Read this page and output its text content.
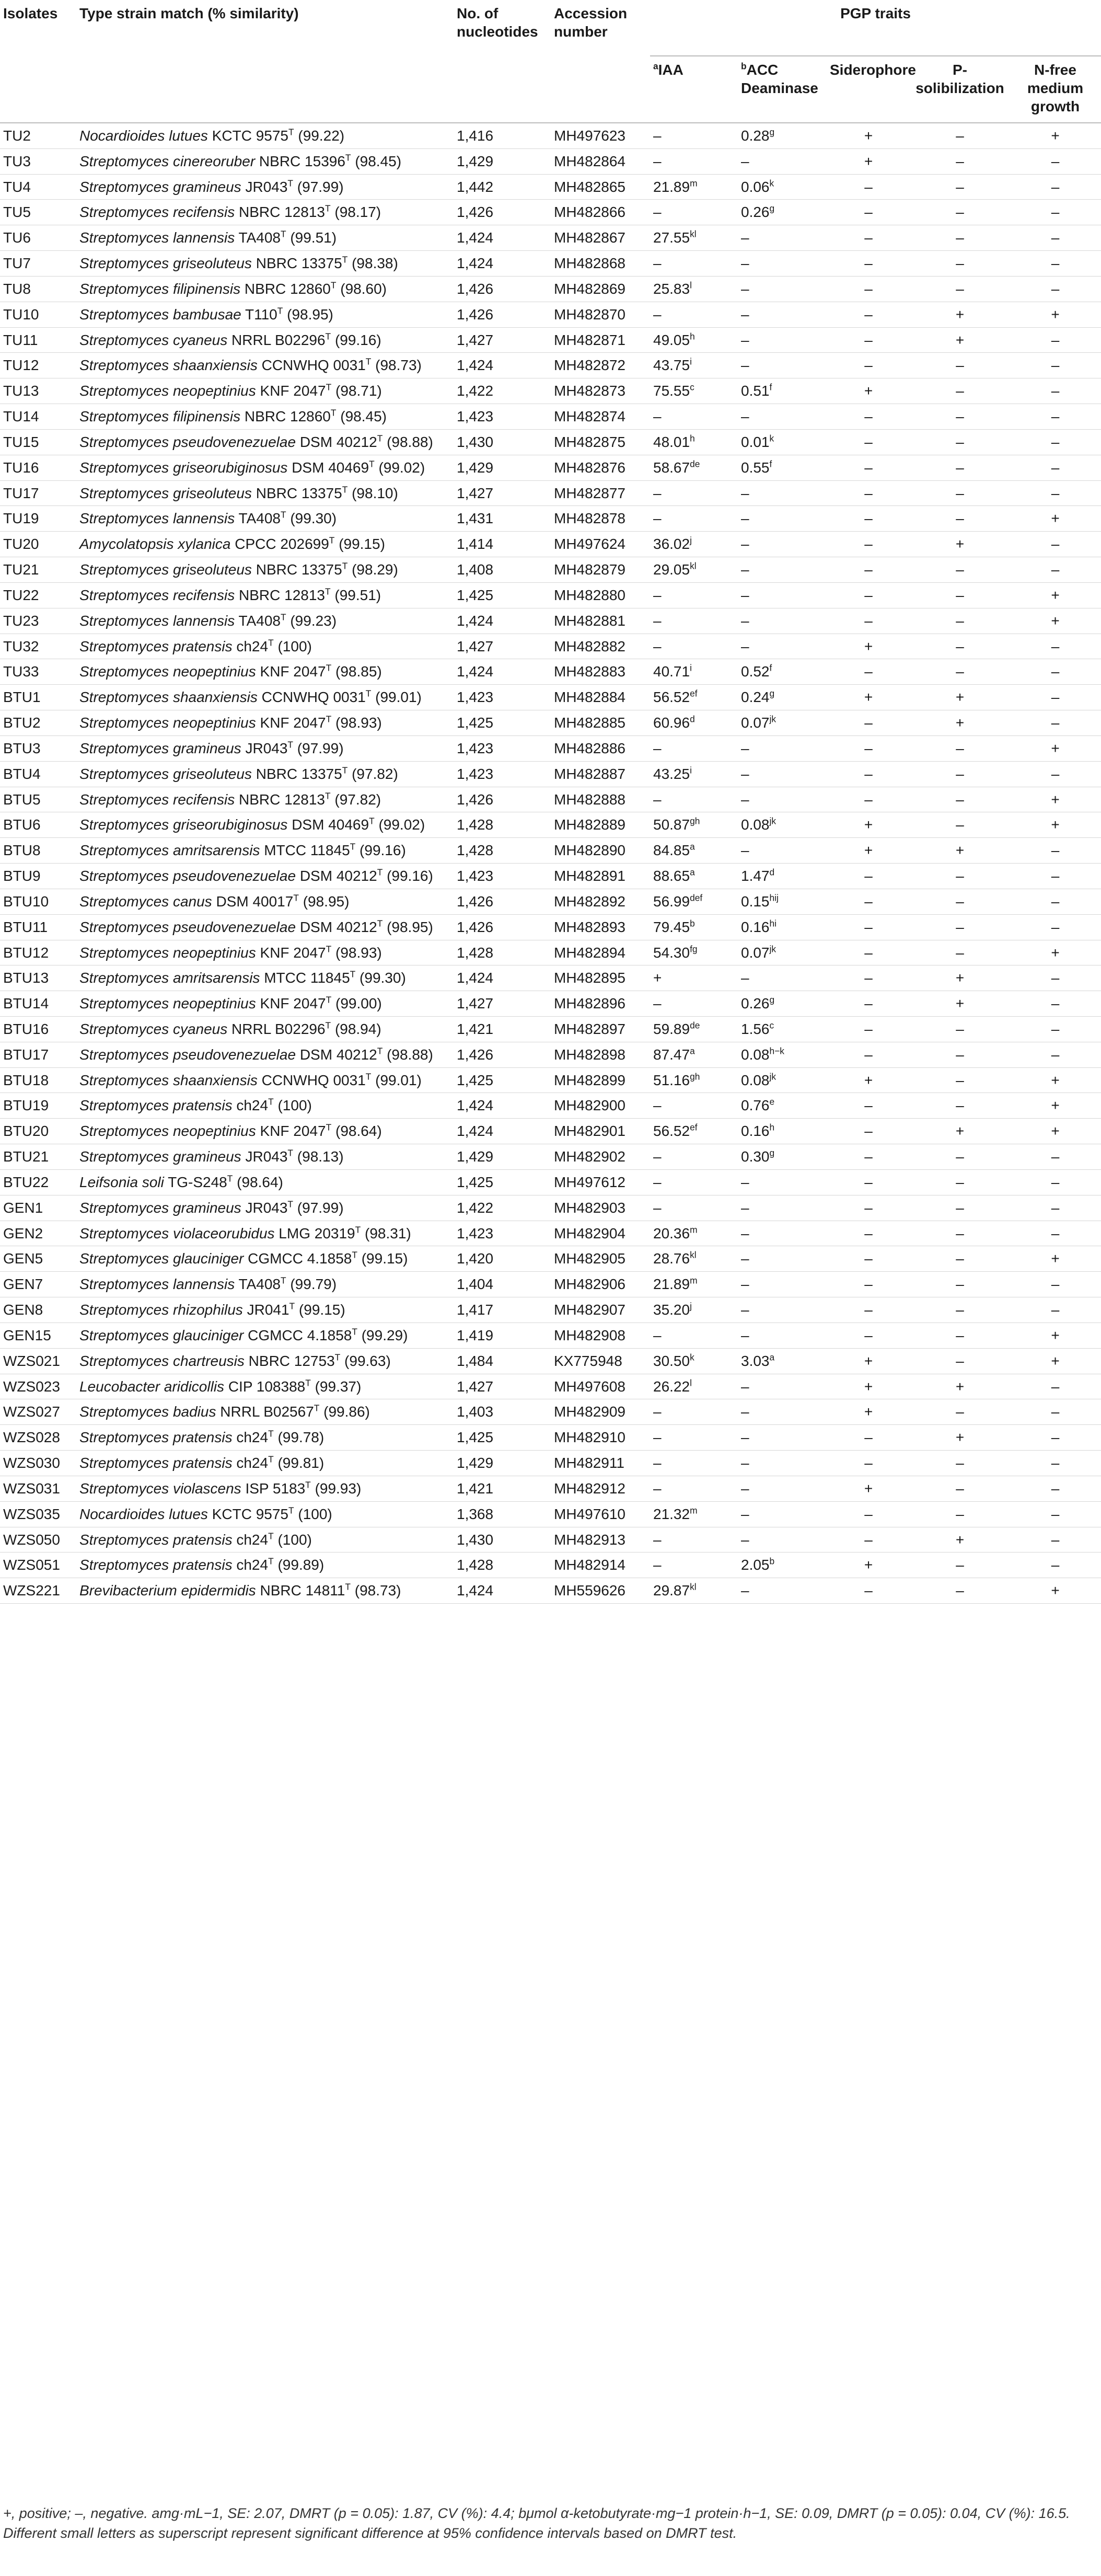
Isolates	Type strain match (% similarity)	No. of nucleotides	Accession number	PGP traits				
				$^a$IAA	$^b$ACC Deaminase	Siderophore	P-solibilization	N-free medium growth
TU2	Nocardioides lutues KCTC $9575^T$ (99.22)	1,416	MH497623	–	0.28$^g$	+	–	+
TU3	Streptomyces cinereoruber NBRC $15396^T$ (98.45)	1,429	MH482864	–	–	+	–	–
TU4	Streptomyces gramineus $JR043^T$ (97.99)	1,442	MH482865	21.89$^m$	0.06$^k$	–	–	–
TU5	Streptomyces recifensis NBRC $12813^T$ (98.17)	1,426	MH482866	–	0.26$^g$	–	–	–
TU6	Streptomyces lannensis $TA408^T$ (99.51)	1,424	MH482867	$27.55^{kl}$	–	–	–	–
TU7	Streptomyces griseoluteus NBRC $13375^T$ (98.38)	1,424	MH482868	–	–	–	–	–
TU8	Streptomyces filipinensis NBRC $12860^T$ (98.60)	1,426	MH482869	25.83$^l$	–	–	–	–
TU10	Streptomyces bambusae $T110^T$ (98.95)	1,426	MH482870	–	–	–	+	+
TU11	Streptomyces cyaneus NRRL $B02296^T$ (99.16)	1,427	MH482871	49.05$^h$	–	–	+	–
TU12	Streptomyces shaanxiensis CCNWHQ $0031^T$ (98.73)	1,424	MH482872	43.75$^i$	–	–	–	–
TU13	Streptomyces neopeptinius KNF $2047^T$ (98.71)	1,422	MH482873	75.55$^c$	0.51$^f$	+	–	–
TU14	Streptomyces filipinensis NBRC $12860^T$ (98.45)	1,423	MH482874	–	–	–	–	–
TU15	Streptomyces pseudovenezuelae DSM $40212^T$ (98.88)	1,430	MH482875	48.01$^h$	0.01$^k$	–	–	–
TU16	Streptomyces griseorubiginosus DSM $40469^T$ (99.02)	1,429	MH482876	58.67de	0.55$^f$	–	–	–
TU17	Streptomyces griseoluteus NBRC $13375^T$ (98.10)	1,427	MH482877	–	–	–	–	–
TU19	Streptomyces lannensis $TA408^T$ (99.30)	1,431	MH482878	–	–	–	–	+
TU20	Amycolatopsis xylanica CPCC $202699^T$ (99.15)	1,414	MH497624	36.02$^j$	–	–	+	–
TU21	Streptomyces griseoluteus NBRC $13375^T$ (98.29)	1,408	MH482879	$29.05^{kl}$	–	–	–	–
TU22	Streptomyces recifensis NBRC $12813^T$ (99.51)	1,425	MH482880	–	–	–	–	+
TU23	Streptomyces lannensis $TA408^T$ (99.23)	1,424	MH482881	–	–	–	–	+
TU32	Streptomyces pratensis $ch24^T$ (100)	1,427	MH482882	–	–	+	–	–
TU33	Streptomyces neopeptinius KNF $2047^T$ (98.85)	1,424	MH482883	40.71$^i$	0.52$^f$	–	–	–
BTU1	Streptomyces shaanxiensis CCNWHQ $0031^T$ (99.01)	1,423	MH482884	56.52$^{ef}$	0.24$^g$	+	+	–
BTU2	Streptomyces neopeptinius KNF $2047^T$ (98.93)	1,425	MH482885	60.96$^d$	$0.07^{jk}$	–	+	–
BTU3	Streptomyces gramineus $JR043^T$ (97.99)	1,423	MH482886	–	–	–	–	+
BTU4	Streptomyces griseoluteus NBRC $13375^T$ (97.82)	1,423	MH482887	43.25$^i$	–	–	–	–
BTU5	Streptomyces recifensis NBRC $12813^T$ (97.82)	1,426	MH482888	–	–	–	–	+
BTU6	Streptomyces griseorubiginosus DSM $40469^T$ (99.02)	1,428	MH482889	50.87$^{gh}$	$0.08^{jk}$	+	–	+
BTU8	Streptomyces amritsarensis MTCC $11845^T$ (99.16)	1,428	MH482890	84.85$^a$	–	+	+	–
BTU9	Streptomyces pseudovenezuelae DSM $40212^T$ (99.16)	1,423	MH482891	88.65$^a$	1.47$^d$	–	–	–
BTU10	Streptomyces canus DSM $40017^T$ (98.95)	1,426	MH482892	56.99$^{def}$	$0.15^{hij}$	–	–	–
BTU11	Streptomyces pseudovenezuelae DSM $40212^T$ (98.95)	1,426	MH482893	79.45$^b$	$0.16^{hi}$	–	–	–
BTU12	Streptomyces neopeptinius KNF $2047^T$ (98.93)	1,428	MH482894	54.30$^{fg}$	$0.07^{jk}$	–	–	+
BTU13	Streptomyces amritsarensis MTCC $11845^T$ (99.30)	1,424	MH482895	+	–	–	+	–
BTU14	Streptomyces neopeptinius KNF $2047^T$ (99.00)	1,427	MH482896	–	0.26$^g$	–	+	–
BTU16	Streptomyces cyaneus NRRL $B02296^T$ (98.94)	1,421	MH482897	59.89de	1.56$^c$	–	–	–
BTU17	Streptomyces pseudovenezuelae DSM $40212^T$ (98.88)	1,426	MH482898	87.47$^a$	$0.08^{h-k}$	–	–	–
BTU18	Streptomyces shaanxiensis CCNWHQ $0031^T$ (99.01)	1,425	MH482899	51.16$^{gh}$	$0.08^{jk}$	+	–	+
BTU19	Streptomyces pratensis $ch24^T$ (100)	1,424	MH482900	–	0.76e	–	–	+
BTU20	Streptomyces neopeptinius KNF $2047^T$ (98.64)	1,424	MH482901	56.52$^{ef}$	0.16$^h$	–	+	+
BTU21	Streptomyces gramineus $JR043^T$ (98.13)	1,429	MH482902	–	0.30$^g$	–	–	–
BTU22	Leifsonia soli $TG-S248^T$ (98.64)	1,425	MH497612	–	–	–	–	–
GEN1	Streptomyces gramineus $JR043^T$ (97.99)	1,422	MH482903	–	–	–	–	–
GEN2	Streptomyces violaceorubidus LMG $20319^T$ (98.31)	1,423	MH482904	20.36$^m$	–	–	–	–
GEN5	Streptomyces glauciniger CGMCC $4.1858^T$ (99.15)	1,420	MH482905	$28.76^{kl}$	–	–	–	+
GEN7	Streptomyces lannensis $TA408^T$ (99.79)	1,404	MH482906	21.89$^m$	–	–	–	–
GEN8	Streptomyces rhizophilus $JR041^T$ (99.15)	1,417	MH482907	35.20$^j$	–	–	–	–
GEN15	Streptomyces glauciniger CGMCC $4.1858^T$ (99.29)	1,419	MH482908	–	–	–	–	+
WZS021	Streptomyces chartreusis NBRC $12753^T$ (99.63)	1,484	KX775948	30.50$^k$	3.03$^a$	+	–	+
WZS023	Leucobacter aridicollis CIP $108388^T$ (99.37)	1,427	MH497608	26.22$^l$	–	+	+	–
WZS027	Streptomyces badius NRRL $B02567^T$ (99.86)	1,403	MH482909	–	–	+	–	–
WZS028	Streptomyces pratensis $ch24^T$ (99.78)	1,425	MH482910	–	–	–	+	–
WZS030	Streptomyces pratensis $ch24^T$ (99.81)	1,429	MH482911	–	–	–	–	–
WZS031	Streptomyces violascens ISP $5183^T$ (99.93)	1,421	MH482912	–	–	+	–	–
WZS035	Nocardioides lutues KCTC $9575^T$ (100)	1,368	MH497610	21.32$^m$	–	–	–	–
WZS050	Streptomyces pratensis $ch24^T$ (100)	1,430	MH482913	–	–	–	+	–
WZS051	Streptomyces pratensis $ch24^T$ (99.89)	1,428	MH482914	–	2.05$^b$	+	–	–
WZS221	Brevibacterium epidermidis NBRC $14811^T$ (98.73)	1,424	MH559626	$29.87^{kl}$	–	–	–	+
+, positive; –, negative. amg·mL−1, SE: 2.07, DMRT (p = 0.05): 1.87, CV (%): 4.4; bμmol α-ketobutyrate·mg−1 protein·h−1, SE: 0.09, DMRT (p = 0.05): 0.04, CV (%): 16.5. Different small letters as superscript represent significant difference at 95% confidence intervals based on DMRT test.
